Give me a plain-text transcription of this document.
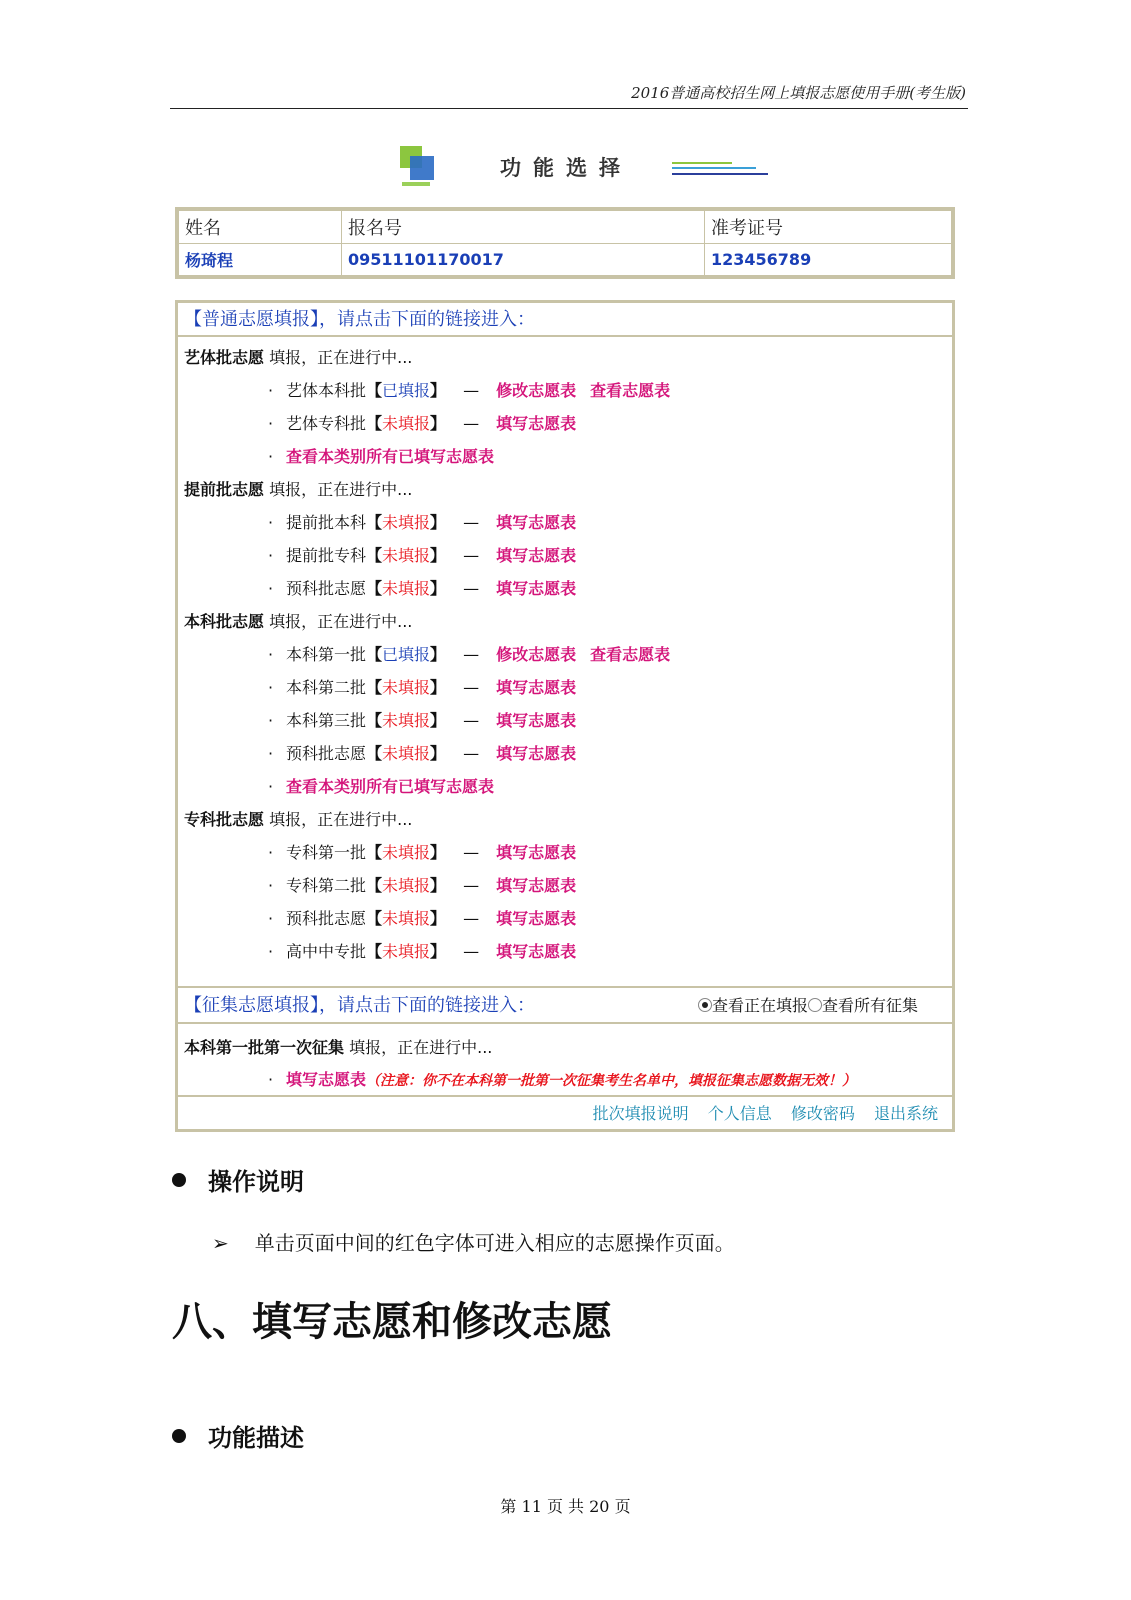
2016普通高校招生网上填报志愿使用手册(考生版)
功能选择
姓名	报名号	准考证号
杨琦程	09511101170017	123456789
【普通志愿填报】，请点击下面的链接进入：
艺体批志愿 填报，正在进行中...
· 艺体本科批【已填报】 — 修改志愿表 查看志愿表
· 艺体专科批【未填报】 — 填写志愿表
· 查看本类别所有已填写志愿表
提前批志愿 填报，正在进行中...
· 提前批本科【未填报】 — 填写志愿表
· 提前批专科【未填报】 — 填写志愿表
· 预科批志愿【未填报】 — 填写志愿表
本科批志愿 填报，正在进行中...
· 本科第一批【已填报】 — 修改志愿表 查看志愿表
· 本科第二批【未填报】 — 填写志愿表
· 本科第三批【未填报】 — 填写志愿表
· 预科批志愿【未填报】 — 填写志愿表
· 查看本类别所有已填写志愿表
专科批志愿 填报，正在进行中...
· 专科第一批【未填报】 — 填写志愿表
· 专科第二批【未填报】 — 填写志愿表
· 预科批志愿【未填报】 — 填写志愿表
· 高中中专批【未填报】 — 填写志愿表
【征集志愿填报】，请点击下面的链接进入：	查看正在填报 查看所有征集
本科第一批第一次征集 填报，正在进行中...
· 填写志愿表（注意：你不在本科第一批第一次征集考生名单中，填报征集志愿数据无效！）
批次填报说明 个人信息 修改密码 退出系统
操作说明
➢ 单击页面中间的红色字体可进入相应的志愿操作页面。
八、填写志愿和修改志愿
功能描述
第 11 页 共 20 页
